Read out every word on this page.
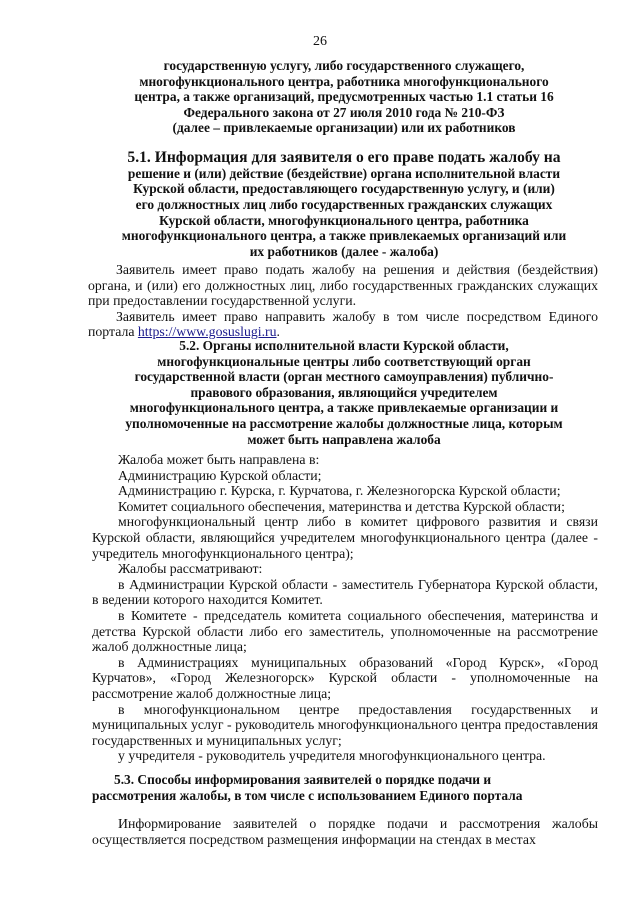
26

государственную услугу, либо государственного служащего,

многофункционального центра, работника многофункционального

центра, а также организаций, предусмотренных частью 1.1 статьи 16

Федерального закона от 27 июля 2010 года № 210-ФЗ

(далее – привлекаемые организации) или их работников

5.1. Информация для заявителя о его праве подать жалобу на

решение и (или) действие (бездействие) органа исполнительной власти

Курской области, предоставляющего государственную услугу, и (или)

его должностных лиц либо государственных гражданских служащих

Курской области, многофункционального центра, работника

многофункционального центра, а также привлекаемых организаций или

их работников (далее - жалоба)

Заявитель имеет право подать жалобу на решения и действия (бездействия) органа, и (или) его должностных лиц, либо государственных гражданских служащих при предоставлении государственной услуги.

Заявитель имеет право направить жалобу в том числе посредством Единого портала https://www.gosuslugi.ru.

5.2. Органы исполнительной власти Курской области,

многофункциональные центры либо соответствующий орган

государственной власти (орган местного самоуправления) публично-

правового образования, являющийся учредителем

многофункционального центра, а также привлекаемые организации и

уполномоченные на рассмотрение жалобы должностные лица, которым

может быть направлена жалоба

Жалоба может быть направлена в:

Администрацию Курской области;

Администрацию г. Курска, г. Курчатова, г. Железногорска Курской области;

Комитет социального обеспечения, материнства и детства Курской области;

многофункциональный центр либо в комитет цифрового развития и связи Курской области, являющийся учредителем многофункционального центра (далее - учредитель многофункционального центра);

Жалобы рассматривают:

в Администрации Курской области - заместитель Губернатора Курской области, в ведении которого находится Комитет.

в Комитете - председатель комитета социального обеспечения, материнства и детства Курской области либо его заместитель, уполномоченные на рассмотрение жалоб должностные лица;

в Администрациях муниципальных образований «Город Курск», «Город Курчатов», «Город Железногорск» Курской области - уполномоченные на рассмотрение жалоб должностные лица;

в многофункциональном центре предоставления государственных и муниципальных услуг - руководитель многофункционального центра предоставления государственных и муниципальных услуг;

у учредителя - руководитель учредителя многофункционального центра.

5.3. Способы информирования заявителей о порядке подачи и

рассмотрения жалобы, в том числе с использованием Единого портала

Информирование заявителей о порядке подачи и рассмотрения жалобы осуществляется посредством размещения информации на стендах в местах
